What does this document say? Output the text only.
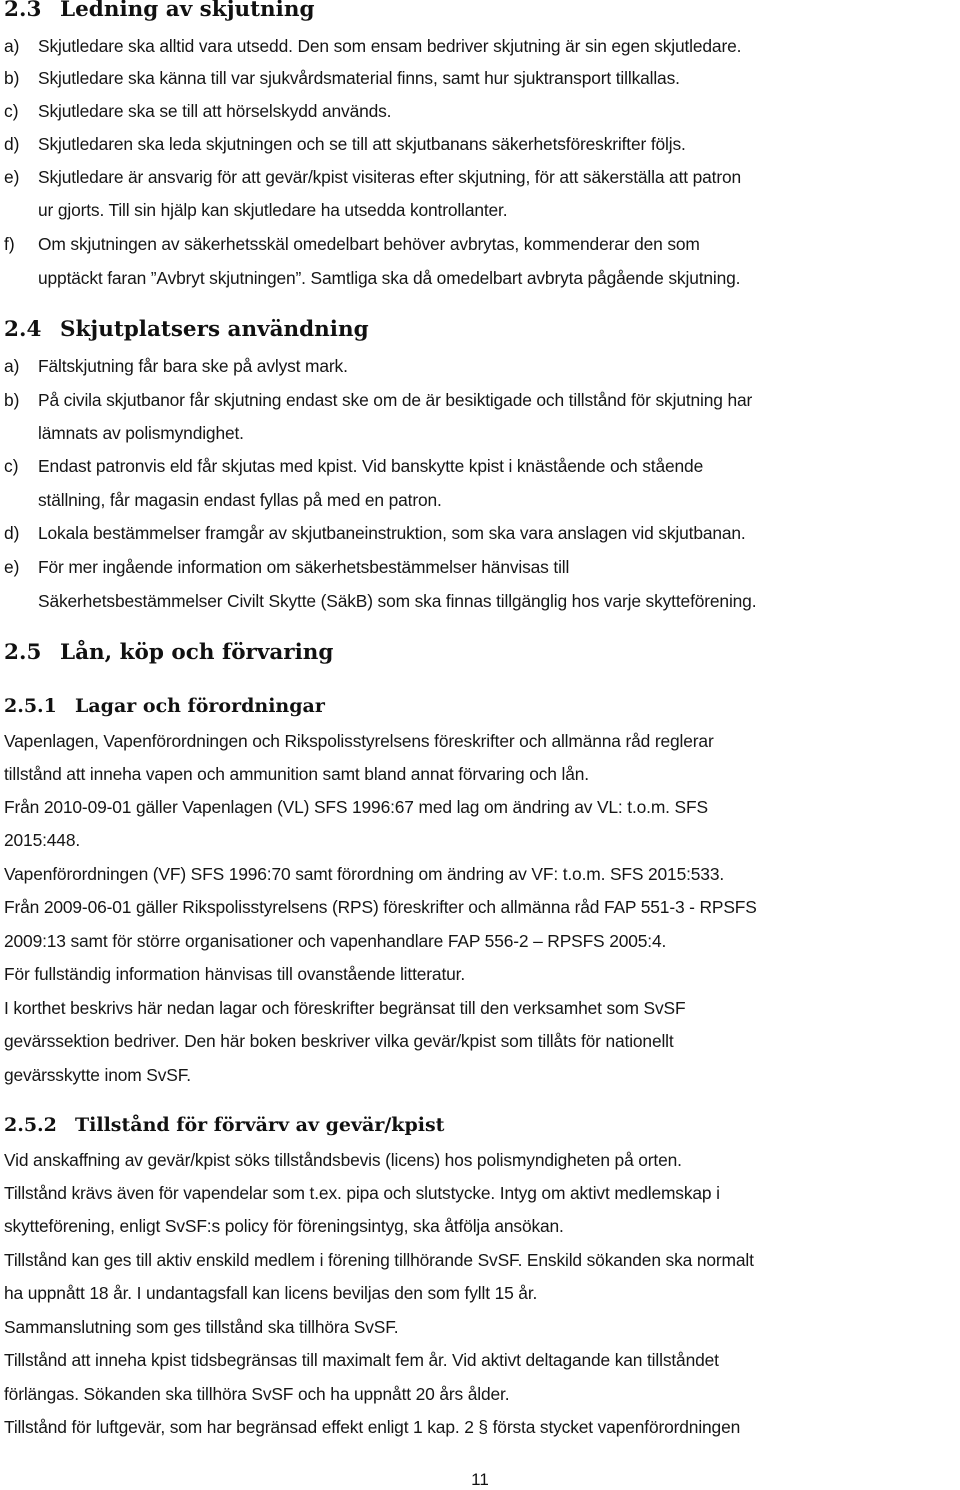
2.3 Ledning av skjutning
a)	Skjutledare ska alltid vara utsedd. Den som ensam bedriver skjutning är sin egen skjutledare.
b)	Skjutledare ska känna till var sjukvårdsmaterial finns, samt hur sjuktransport tillkallas.
c)	Skjutledare ska se till att hörselskydd används.
d)	Skjutledaren ska leda skjutningen och se till att skjutbanans säkerhetsföreskrifter följs.
e)	Skjutledare är ansvarig för att gevär/kpist visiteras efter skjutning, för att säkerställa att patron
ur gjorts. Till sin hjälp kan skjutledare ha utsedda kontrollanter.
f)	Om skjutningen av säkerhetsskäl omedelbart behöver avbrytas, kommenderar den som
upptäckt faran ”Avbryt skjutningen”. Samtliga ska då omedelbart avbryta pågående skjutning.
2.4 Skjutplatsers användning
a)	Fältskjutning får bara ske på avlyst mark.
b)	På civila skjutbanor får skjutning endast ske om de är besiktigade och tillstånd för skjutning har
lämnats av polismyndighet.
c)	Endast patronvis eld får skjutas med kpist. Vid banskytte kpist i knästående och stående
ställning, får magasin endast fyllas på med en patron.
d)	Lokala bestämmelser framgår av skjutbaneinstruktion, som ska vara anslagen vid skjutbanan.
e)	För mer ingående information om säkerhetsbestämmelser hänvisas till
Säkerhetsbestämmelser Civilt Skytte (SäkB) som ska finnas tillgänglig hos varje skytteförening.
2.5 Lån, köp och förvaring
2.5.1 Lagar och förordningar
Vapenlagen, Vapenförordningen och Rikspolisstyrelsens föreskrifter och allmänna råd reglerar
tillstånd att inneha vapen och ammunition samt bland annat förvaring och lån.
Från 2010-09-01 gäller Vapenlagen (VL) SFS 1996:67 med lag om ändring av VL: t.o.m. SFS
2015:448.
Vapenförordningen (VF) SFS 1996:70 samt förordning om ändring av VF: t.o.m. SFS 2015:533.
Från 2009-06-01 gäller Rikspolisstyrelsens (RPS) föreskrifter och allmänna råd FAP 551-3 - RPSFS
2009:13 samt för större organisationer och vapenhandlare FAP 556-2 – RPSFS 2005:4.
För fullständig information hänvisas till ovanstående litteratur.
I korthet beskrivs här nedan lagar och föreskrifter begränsat till den verksamhet som SvSF
gevärssektion bedriver. Den här boken beskriver vilka gevär/kpist som tillåts för nationellt
gevärsskytte inom SvSF.
2.5.2 Tillstånd för förvärv av gevär/kpist
Vid anskaffning av gevär/kpist söks tillståndsbevis (licens) hos polismyndigheten på orten.
Tillstånd krävs även för vapendelar som t.ex. pipa och slutstycke. Intyg om aktivt medlemskap i
skytteförening, enligt SvSF:s policy för föreningsintyg, ska åtfölja ansökan.
Tillstånd kan ges till aktiv enskild medlem i förening tillhörande SvSF. Enskild sökanden ska normalt
ha uppnått 18 år. I undantagsfall kan licens beviljas den som fyllt 15 år.
Sammanslutning som ges tillstånd ska tillhöra SvSF.
Tillstånd att inneha kpist tidsbegränsas till maximalt fem år. Vid aktivt deltagande kan tillståndet
förlängas. Sökanden ska tillhöra SvSF och ha uppnått 20 års ålder.
Tillstånd för luftgevär, som har begränsad effekt enligt 1 kap. 2 § första stycket vapenförordningen
11
